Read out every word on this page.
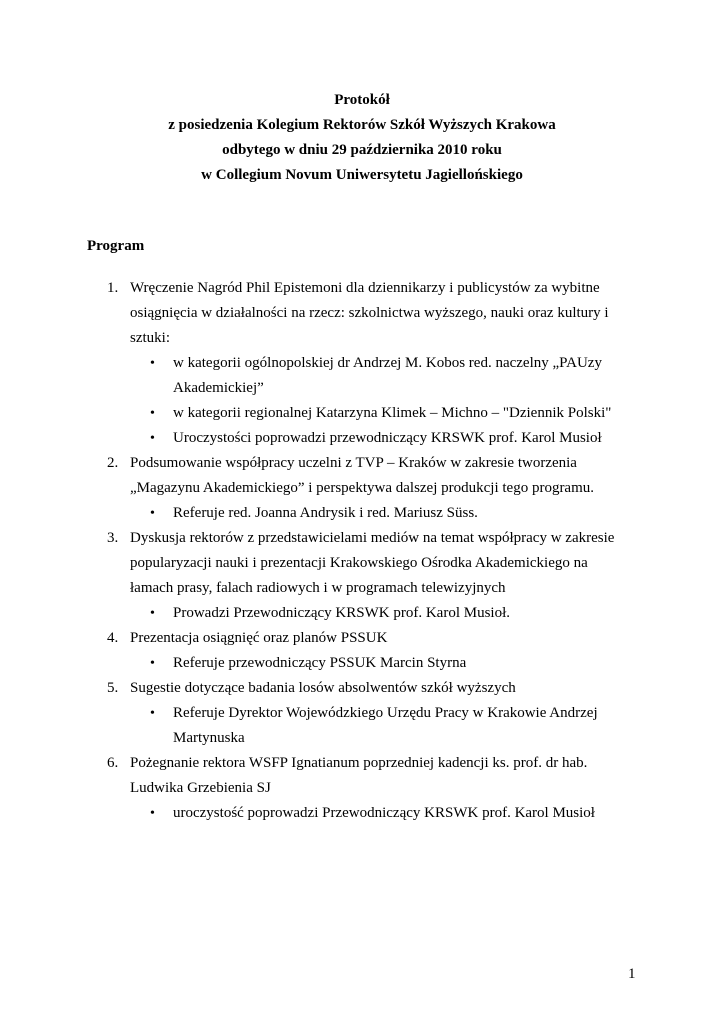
Protokół
z posiedzenia Kolegium Rektorów Szkół Wyższych Krakowa
odbytego w dniu 29 października 2010 roku
w Collegium Novum Uniwersytetu Jagiellońskiego
Program
1. Wręczenie Nagród Phil Epistemoni dla dziennikarzy i publicystów za wybitne osiągnięcia w działalności na rzecz: szkolnictwa wyższego, nauki oraz kultury i sztuki:
• w kategorii ogólnopolskiej dr Andrzej M. Kobos red. naczelny „PAUzy Akademickiej”
• w kategorii regionalnej Katarzyna Klimek – Michno – "Dziennik Polski"
• Uroczystości poprowadzi przewodniczący KRSWK prof. Karol Musioł
2. Podsumowanie współpracy uczelni z TVP – Kraków w zakresie tworzenia „Magazynu Akademickiego” i perspektywa dalszej produkcji tego programu.
• Referuje red. Joanna Andrysik i red. Mariusz Süss.
3. Dyskusja rektorów z przedstawicielami mediów na temat współpracy w zakresie popularyzacji nauki i prezentacji Krakowskiego Ośrodka Akademickiego na łamach prasy, falach radiowych i w programach telewizyjnych
• Prowadzi Przewodniczący KRSWK prof. Karol Musioł.
4. Prezentacja osiągnięć oraz planów PSSUK
• Referuje przewodniczący PSSUK Marcin Styrna
5. Sugestie dotyczące badania losów absolwentów szkół wyższych
• Referuje Dyrektor Wojewódzkiego Urzędu Pracy w Krakowie Andrzej Martynuska
6. Pożegnanie rektora WSFP Ignatianum poprzedniej kadencji ks. prof. dr hab. Ludwika Grzebienia SJ
• uroczystość poprowadzi Przewodniczący KRSWK prof. Karol Musioł
1
